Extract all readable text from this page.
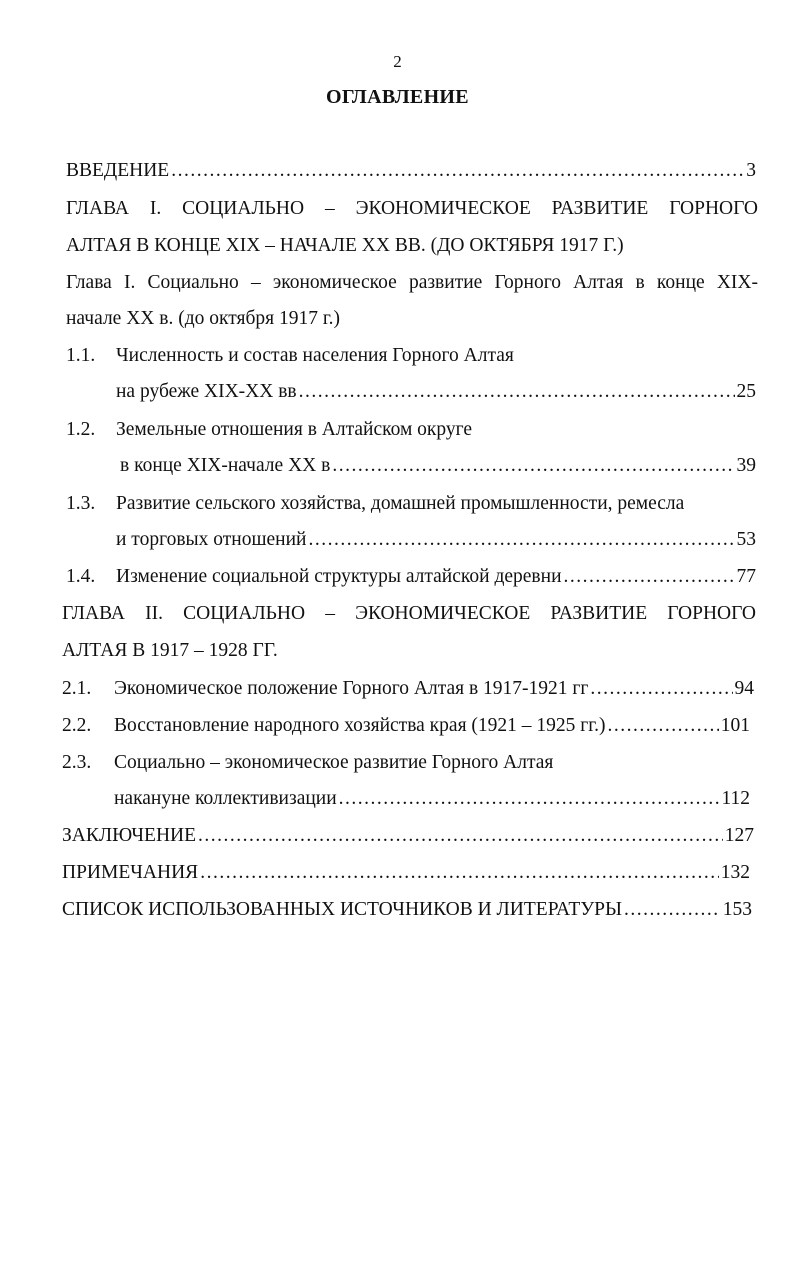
2
ОГЛАВЛЕНИЕ
ВВЕДЕНИЕ .....	3
ГЛАВА I. СОЦИАЛЬНО – ЭКОНОМИЧЕСКОЕ РАЗВИТИЕ ГОРНОГО
АЛТАЯ В КОНЦЕ XIX – НАЧАЛЕ XX ВВ. (ДО ОКТЯБРЯ 1917 Г.)
Глава I. Социально – экономическое развитие Горного Алтая в конце XIX-
начале XX в. (до октября 1917 г.)
1.1. Численность и состав населения Горного Алтая
на рубеже XIX-XX вв .....	25
1.2. Земельные отношения в Алтайском округе
в конце XIX-начале XX в .....	39
1.3. Развитие сельского хозяйства, домашней промышленности, ремесла
и торговых отношений .....	53
1.4. Изменение социальной структуры алтайской деревни .....	77
ГЛАВА II. СОЦИАЛЬНО – ЭКОНОМИЧЕСКОЕ РАЗВИТИЕ ГОРНОГО
АЛТАЯ В 1917 – 1928 ГГ.
2.1. Экономическое положение Горного Алтая в 1917-1921 гг .....	94
2.2. Восстановление народного хозяйства края (1921 – 1925 гг.) .....	101
2.3. Социально – экономическое развитие Горного Алтая
накануне коллективизации .....	112
ЗАКЛЮЧЕНИЕ .....	127
ПРИМЕЧАНИЯ .....	132
СПИСОК ИСПОЛЬЗОВАННЫХ ИСТОЧНИКОВ И ЛИТЕРАТУРЫ .....	153
